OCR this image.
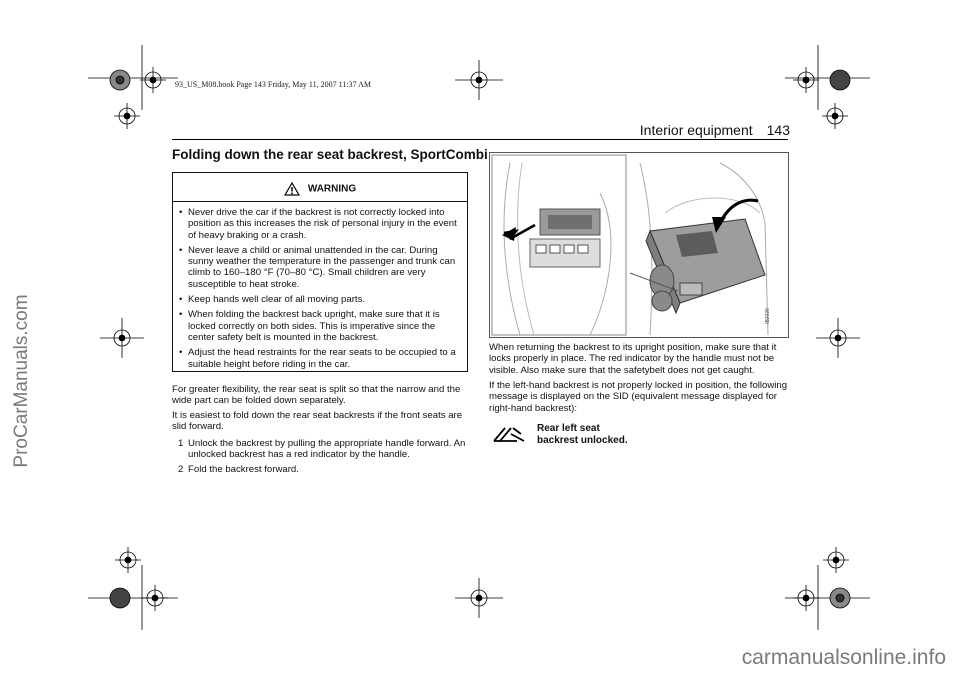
93_US_M08.book Page 143 Friday, May 11, 2007 11:37 AM
ProCarManuals.com
carmanualsonline.info
Interior equipment 143
Folding down the rear seat backrest, SportCombi
WARNING
• Never drive the car if the backrest is not correctly locked into position as this increases the risk of personal injury in the event of heavy braking or a crash.
• Never leave a child or animal unattended in the car. During sunny weather the temperature in the passenger and trunk can climb to 160–180 °F (70–80 °C). Small children are very susceptible to heat stroke.
• Keep hands well clear of all moving parts.
• When folding the backrest back upright, make sure that it is locked correctly on both sides. This is imperative since the center safety belt is mounted in the backrest.
• Adjust the head restraints for the rear seats to be occupied to a suitable height before riding in the car.
For greater flexibility, the rear seat is split so that the narrow and the wide part can be folded down separately.
It is easiest to fold down the rear seat backrests if the front seats are slid forward.
1 Unlock the backrest by pulling the appropriate handle forward. An unlocked backrest has a red indicator by the handle.
2 Fold the backrest forward.
IB3026
When returning the backrest to its upright position, make sure that it locks properly in place. The red indicator by the handle must not be visible. Also make sure that the safetybelt does not get caught.
If the left-hand backrest is not properly locked in position, the following message is displayed on the SID (equivalent message displayed for right-hand backrest):
Rear left seat
backrest unlocked.
